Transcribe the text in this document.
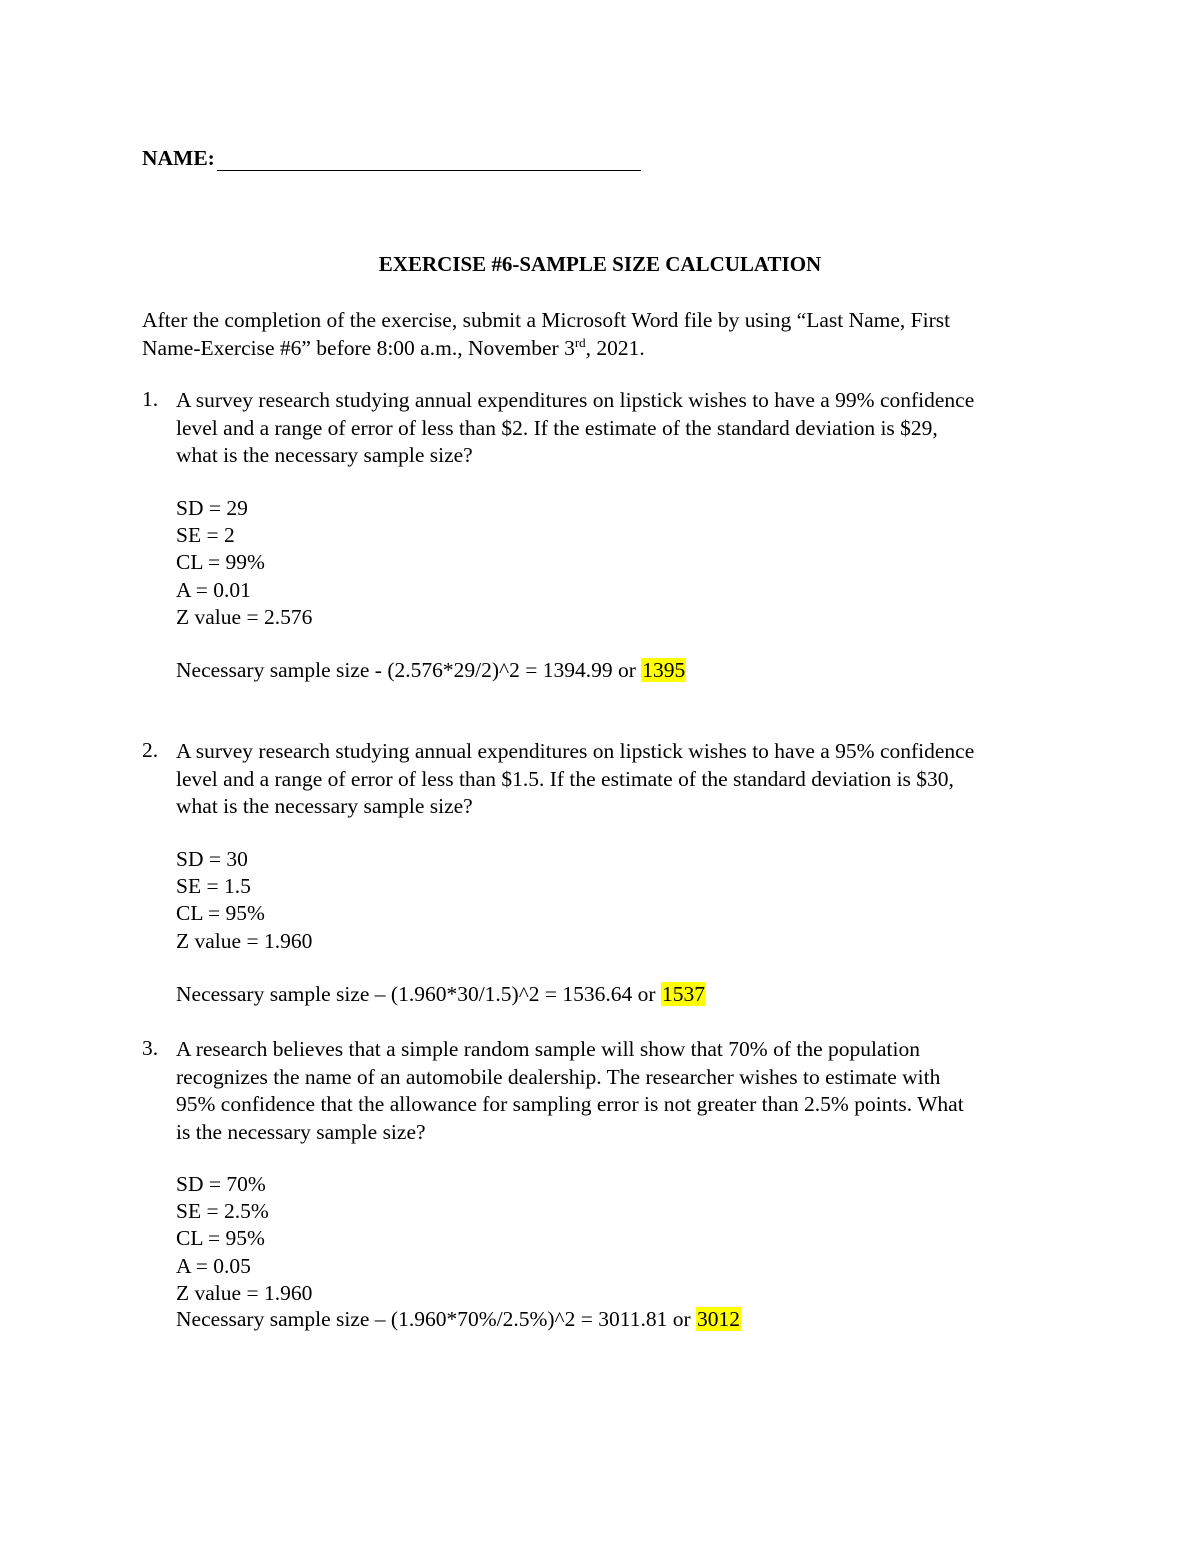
NAME:
EXERCISE #6-SAMPLE SIZE CALCULATION
After the completion of the exercise, submit a Microsoft Word file by using “Last Name, First
Name-Exercise #6” before 8:00 a.m., November 3rd, 2021.
1. A survey research studying annual expenditures on lipstick wishes to have a 99% confidence
level and a range of error of less than $2. If the estimate of the standard deviation is $29,
what is the necessary sample size?
SD = 29
SE = 2
CL = 99%
A = 0.01
Z value = 2.576
Necessary sample size - (2.576*29/2)^2 = 1394.99 or 1395
2. A survey research studying annual expenditures on lipstick wishes to have a 95% confidence
level and a range of error of less than $1.5. If the estimate of the standard deviation is $30,
what is the necessary sample size?
SD = 30
SE = 1.5
CL = 95%
Z value = 1.960
Necessary sample size – (1.960*30/1.5)^2 = 1536.64 or 1537
3. A research believes that a simple random sample will show that 70% of the population
recognizes the name of an automobile dealership. The researcher wishes to estimate with
95% confidence that the allowance for sampling error is not greater than 2.5% points. What
is the necessary sample size?
SD = 70%
SE = 2.5%
CL = 95%
A = 0.05
Z value = 1.960
Necessary sample size – (1.960*70%/2.5%)^2 = 3011.81 or 3012
